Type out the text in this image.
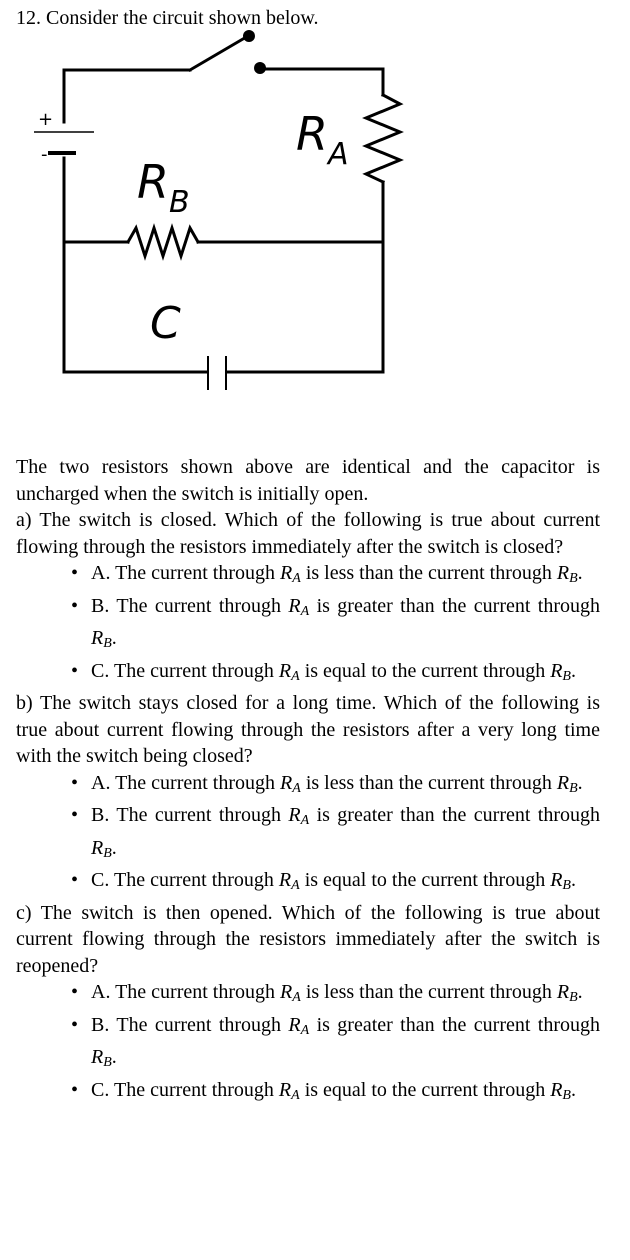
12. Consider the circuit shown below.
+
-	$R_A$
$R_B$
C

The two resistors shown above are identical and the capacitor is uncharged when the switch is initially open.

a) The switch is closed. Which of the following is true about current flowing through the resistors immediately after the switch is closed?

• A. The current through $R_A$ is less than the current through $R_B$.
• B. The current through $R_A$ is greater than the current through $R_B$.
• C. The current through $R_A$ is equal to the current through $R_B$.

b) The switch stays closed for a long time. Which of the following is true about current flowing through the resistors after a very long time with the switch being closed?

• A. The current through $R_A$ is less than the current through $R_B$.
• B. The current through $R_A$ is greater than the current through $R_B$.
• C. The current through $R_A$ is equal to the current through $R_B$.

c) The switch is then opened. Which of the following is true about current flowing through the resistors immediately after the switch is reopened?

• A. The current through $R_A$ is less than the current through $R_B$.
• B. The current through $R_A$ is greater than the current through $R_B$.
• C. The current through $R_A$ is equal to the current through $R_B$.
